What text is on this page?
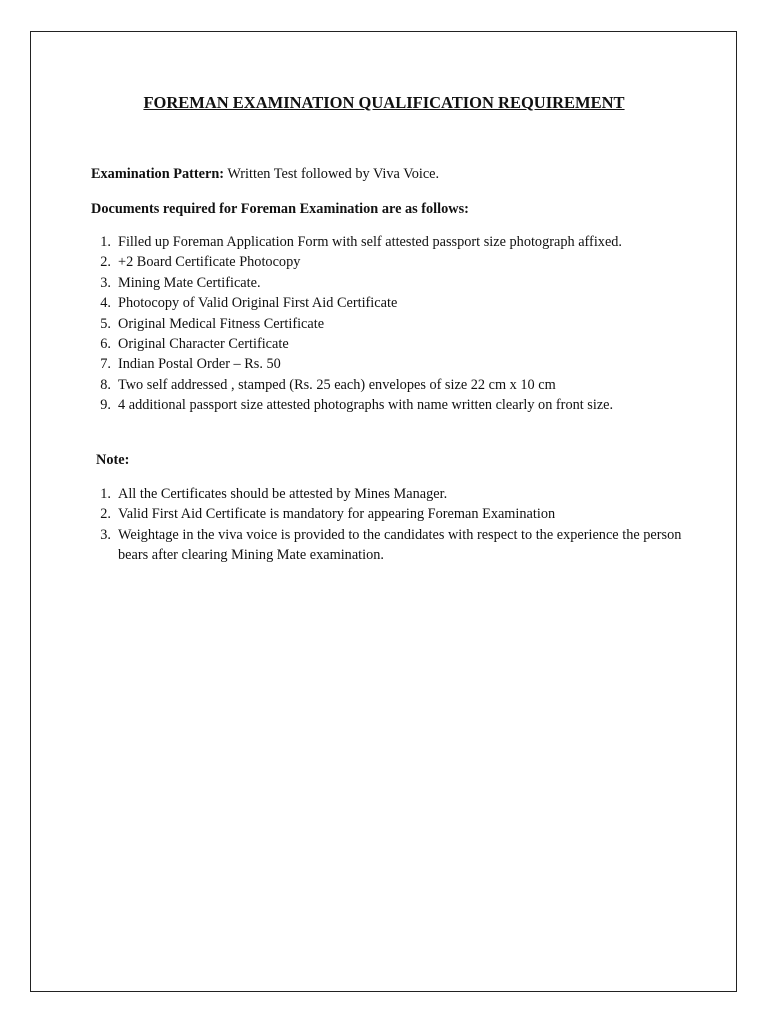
FOREMAN EXAMINATION QUALIFICATION REQUIREMENT

Examination Pattern: Written Test followed by Viva Voice.

Documents required for Foreman Examination are as follows:

1. Filled up Foreman Application Form with self attested passport size photograph affixed.
2. +2 Board Certificate Photocopy
3. Mining Mate Certificate.
4. Photocopy of Valid Original First Aid Certificate
5. Original Medical Fitness Certificate
6. Original Character Certificate
7. Indian Postal Order – Rs. 50
8. Two self addressed , stamped (Rs. 25 each) envelopes of size 22 cm x 10 cm
9. 4 additional passport size attested photographs with name written clearly on front size.

Note:

1. All the Certificates should be attested by Mines Manager.
2. Valid First Aid Certificate is mandatory for appearing Foreman Examination
3. Weightage in the viva voice is provided to the candidates with respect to the experience the person bears after clearing Mining Mate examination.
